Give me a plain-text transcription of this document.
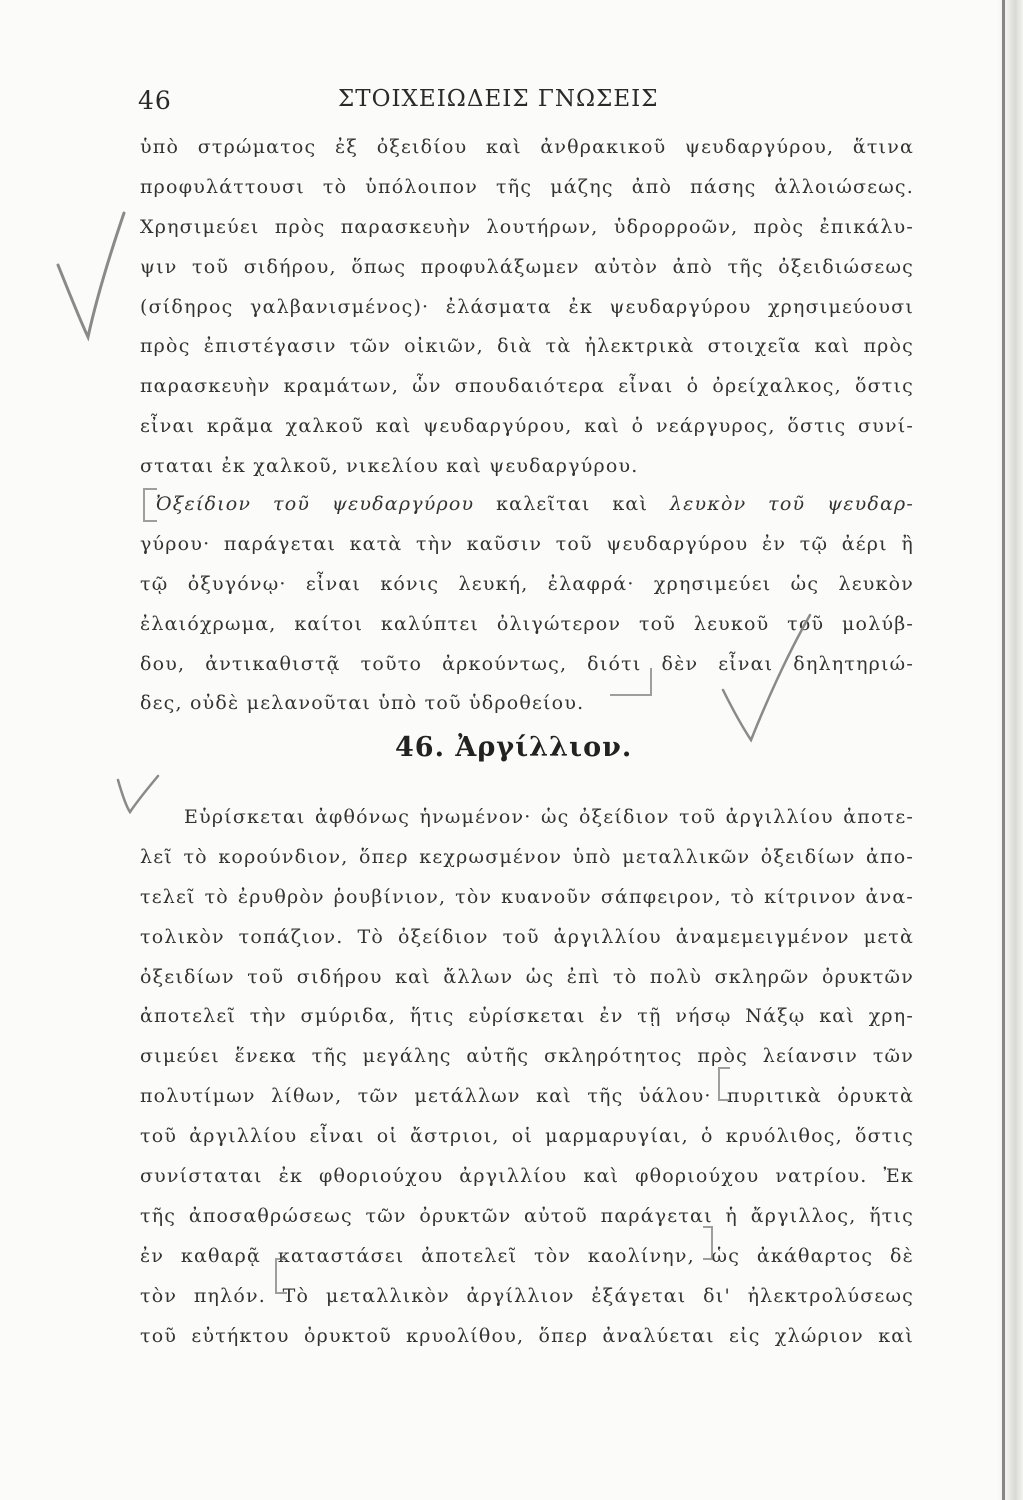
46	ΣΤΟΙΧΕΙΩΔΕΙΣ ΓΝΩΣΕΙΣ
ὑπὸ στρώματος ἐξ ὀξειδίου καὶ ἀνθρακικοῦ ψευδαργύρου, ἅτινα
προφυλάττουσι τὸ ὑπόλοιπον τῆς μάζης ἀπὸ πάσης ἀλλοιώσεως.
Χρησιμεύει πρὸς παρασκευὴν λουτήρων, ὑδρορροῶν, πρὸς ἐπικάλυ-
ψιν τοῦ σιδήρου, ὅπως προφυλάξωμεν αὐτὸν ἀπὸ τῆς ὀξειδιώσεως
(σίδηρος γαλβανισμένος)· ἐλάσματα ἐκ ψευδαργύρου χρησιμεύουσι
πρὸς ἐπιστέγασιν τῶν οἰκιῶν, διὰ τὰ ἠλεκτρικὰ στοιχεῖα καὶ πρὸς
παρασκευὴν κραμάτων, ὧν σπουδαιότερα εἶναι ὁ ὀρείχαλκος, ὅστις
εἶναι κρᾶμα χαλκοῦ καὶ ψευδαργύρου, καὶ ὁ νεάργυρος, ὅστις συνί-
σταται ἐκ χαλκοῦ, νικελίου καὶ ψευδαργύρου.
Ὀξείδιον τοῦ ψευδαργύρου καλεῖται καὶ λευκὸν τοῦ ψευδαρ-
γύρου· παράγεται κατὰ τὴν καῦσιν τοῦ ψευδαργύρου ἐν τῷ ἀέρι ἢ
τῷ ὀξυγόνῳ· εἶναι κόνις λευκή, ἐλαφρά· χρησιμεύει ὡς λευκὸν
ἐλαιόχρωμα, καίτοι καλύπτει ὀλιγώτερον τοῦ λευκοῦ τοῦ μολύβ-
δου, ἀντικαθιστᾷ τοῦτο ἀρκούντως, διότι δὲν εἶναι δηλητηριώ-
δες, οὐδὲ μελανοῦται ὑπὸ τοῦ ὑδροθείου.
46. Ἀργίλλιον.
Εὑρίσκεται ἀφθόνως ἡνωμένον· ὡς ὀξείδιον τοῦ ἀργιλλίου ἀποτε-
λεῖ τὸ κορούνδιον, ὅπερ κεχρωσμένον ὑπὸ μεταλλικῶν ὀξειδίων ἀπο-
τελεῖ τὸ ἐρυθρὸν ῥουβίνιον, τὸν κυανοῦν σάπφειρον, τὸ κίτρινον ἀνα-
τολικὸν τοπάζιον. Τὸ ὀξείδιον τοῦ ἀργιλλίου ἀναμεμειγμένον μετὰ
ὀξειδίων τοῦ σιδήρου καὶ ἄλλων ὡς ἐπὶ τὸ πολὺ σκληρῶν ὀρυκτῶν
ἀποτελεῖ τὴν σμύριδα, ἥτις εὑρίσκεται ἐν τῇ νήσῳ Νάξῳ καὶ χρη-
σιμεύει ἕνεκα τῆς μεγάλης αὐτῆς σκληρότητος πρὸς λείανσιν τῶν
πολυτίμων λίθων, τῶν μετάλλων καὶ τῆς ὑάλου· πυριτικὰ ὀρυκτὰ
τοῦ ἀργιλλίου εἶναι οἱ ἄστριοι, οἱ μαρμαρυγίαι, ὁ κρυόλιθος, ὅστις
συνίσταται ἐκ φθοριούχου ἀργιλλίου καὶ φθοριούχου νατρίου. Ἐκ
τῆς ἀποσαθρώσεως τῶν ὀρυκτῶν αὐτοῦ παράγεται ἡ ἄργιλλος, ἥτις
ἐν καθαρᾷ καταστάσει ἀποτελεῖ τὸν καολίνην, ὡς ἀκάθαρτος δὲ
τὸν πηλόν. Τὸ μεταλλικὸν ἀργίλλιον ἐξάγεται δι' ἠλεκτρολύσεως
τοῦ εὐτήκτου ὀρυκτοῦ κρυολίθου, ὅπερ ἀναλύεται εἰς χλώριον καὶ
